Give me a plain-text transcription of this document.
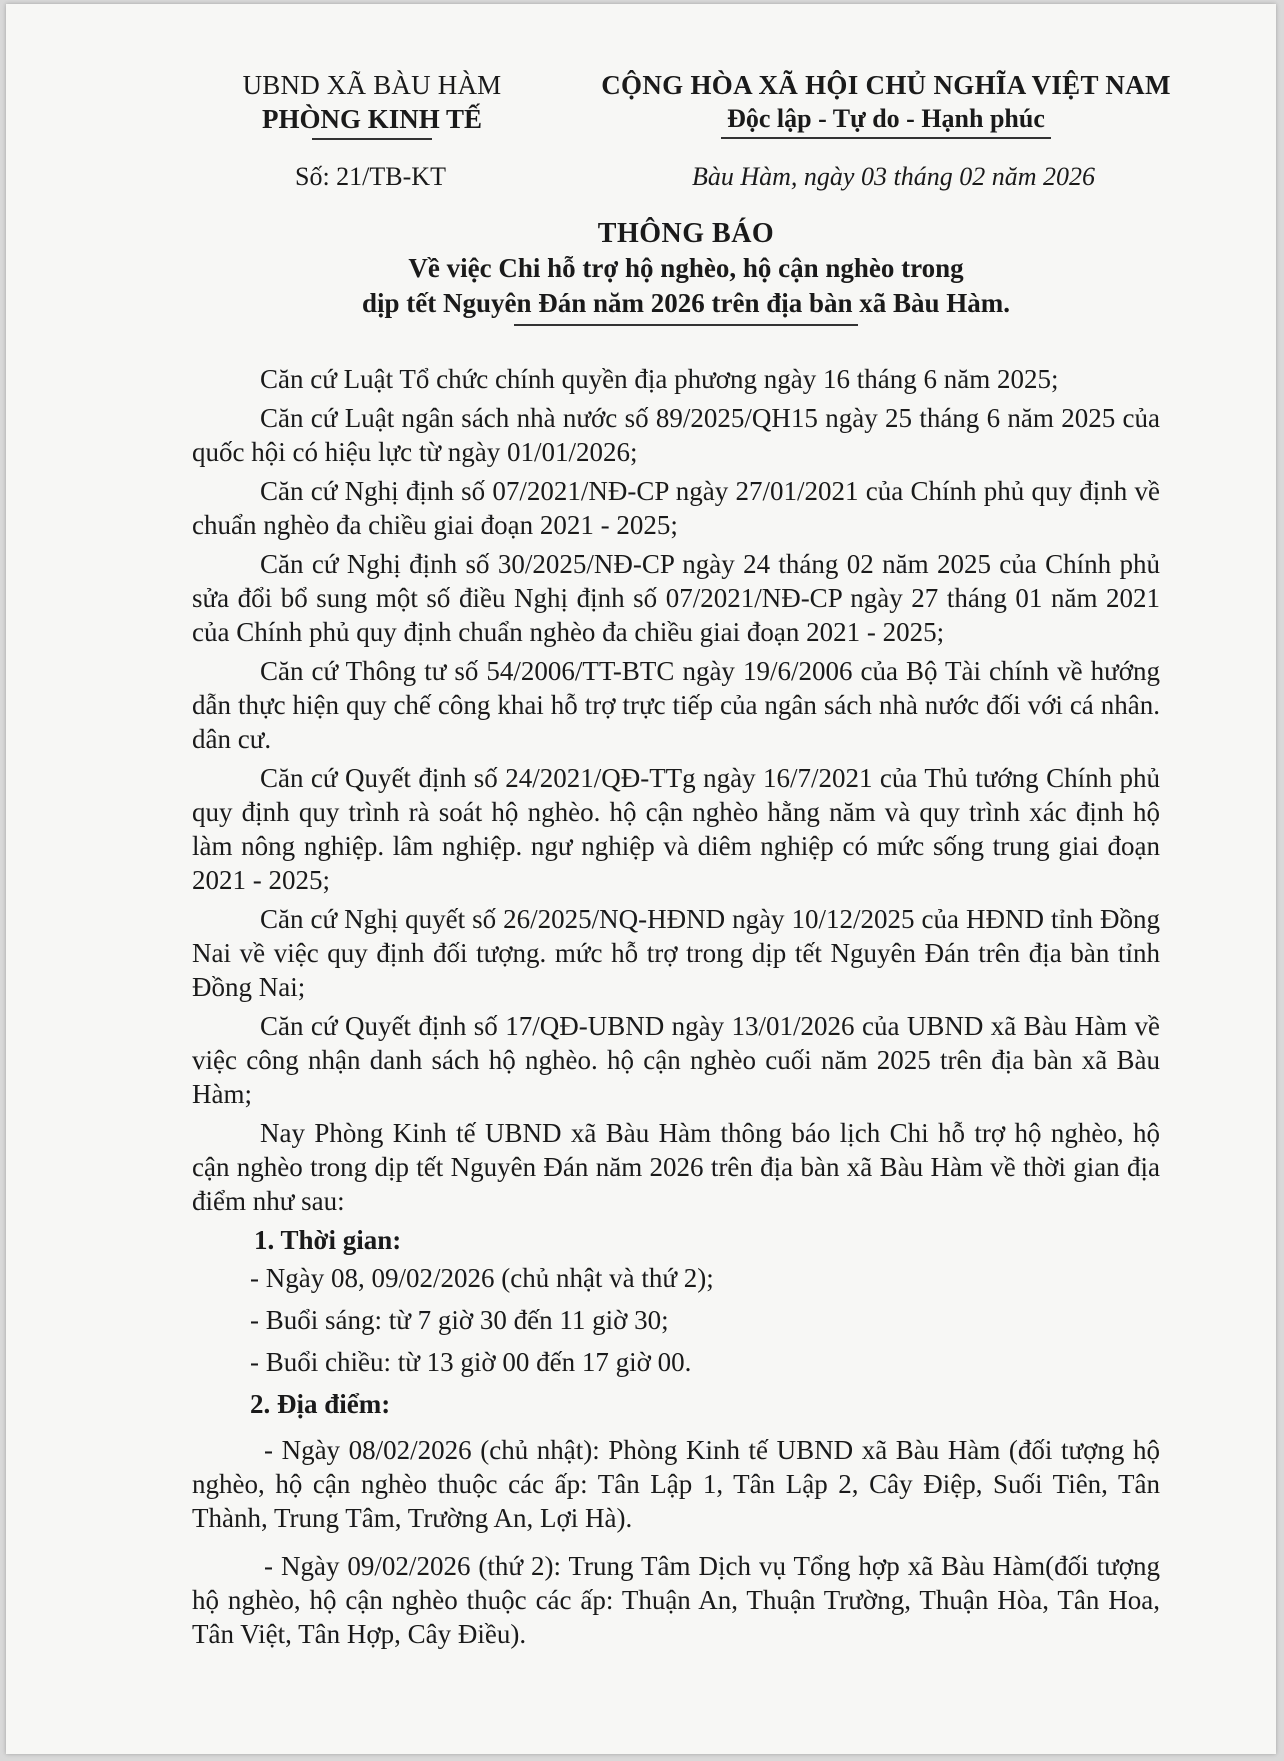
UBND XÃ BÀU HÀM
PHÒNG KINH TẾ
CỘNG HÒA XÃ HỘI CHỦ NGHĨA VIỆT NAM
Độc lập - Tự do - Hạnh phúc
Số: 21/TB-KT	Bàu Hàm, ngày 03 tháng 02 năm 2026
THÔNG BÁO
Về việc Chi hỗ trợ hộ nghèo, hộ cận nghèo trong
dịp tết Nguyên Đán năm 2026 trên địa bàn xã Bàu Hàm.

Căn cứ Luật Tổ chức chính quyền địa phương ngày 16 tháng 6 năm 2025;

Căn cứ Luật ngân sách nhà nước số 89/2025/QH15 ngày 25 tháng 6 năm 2025 của quốc hội có hiệu lực từ ngày 01/01/2026;

Căn cứ Nghị định số 07/2021/NĐ-CP ngày 27/01/2021 của Chính phủ quy định về chuẩn nghèo đa chiều giai đoạn 2021 - 2025;

Căn cứ Nghị định số 30/2025/NĐ-CP ngày 24 tháng 02 năm 2025 của Chính phủ sửa đổi bổ sung một số điều Nghị định số 07/2021/NĐ-CP ngày 27 tháng 01 năm 2021 của Chính phủ quy định chuẩn nghèo đa chiều giai đoạn 2021 - 2025;

Căn cứ Thông tư số 54/2006/TT-BTC ngày 19/6/2006 của Bộ Tài chính về hướng dẫn thực hiện quy chế công khai hỗ trợ trực tiếp của ngân sách nhà nước đối với cá nhân. dân cư.

Căn cứ Quyết định số 24/2021/QĐ-TTg ngày 16/7/2021 của Thủ tướng Chính phủ quy định quy trình rà soát hộ nghèo. hộ cận nghèo hằng năm và quy trình xác định hộ làm nông nghiệp. lâm nghiệp. ngư nghiệp và diêm nghiệp có mức sống trung giai đoạn 2021 - 2025;

Căn cứ Nghị quyết số 26/2025/NQ-HĐND ngày 10/12/2025 của HĐND tỉnh Đồng Nai về việc quy định đối tượng. mức hỗ trợ trong dịp tết Nguyên Đán trên địa bàn tỉnh Đồng Nai;

Căn cứ Quyết định số 17/QĐ-UBND ngày 13/01/2026 của UBND xã Bàu Hàm về việc công nhận danh sách hộ nghèo. hộ cận nghèo cuối năm 2025 trên địa bàn xã Bàu Hàm;

Nay Phòng Kinh tế UBND xã Bàu Hàm thông báo lịch Chi hỗ trợ hộ nghèo, hộ cận nghèo trong dịp tết Nguyên Đán năm 2026 trên địa bàn xã Bàu Hàm về thời gian địa điểm như sau:

1. Thời gian:
- Ngày 08, 09/02/2026 (chủ nhật và thứ 2);
- Buổi sáng: từ 7 giờ 30 đến 11 giờ 30;
- Buổi chiều: từ 13 giờ 00 đến 17 giờ 00.
2. Địa điểm:
- Ngày 08/02/2026 (chủ nhật): Phòng Kinh tế UBND xã Bàu Hàm (đối tượng hộ nghèo, hộ cận nghèo thuộc các ấp: Tân Lập 1, Tân Lập 2, Cây Điệp, Suối Tiên, Tân Thành, Trung Tâm, Trường An, Lợi Hà).
- Ngày 09/02/2026 (thứ 2): Trung Tâm Dịch vụ Tổng hợp xã Bàu Hàm(đối tượng hộ nghèo, hộ cận nghèo thuộc các ấp: Thuận An, Thuận Trường, Thuận Hòa, Tân Hoa, Tân Việt, Tân Hợp, Cây Điều).
